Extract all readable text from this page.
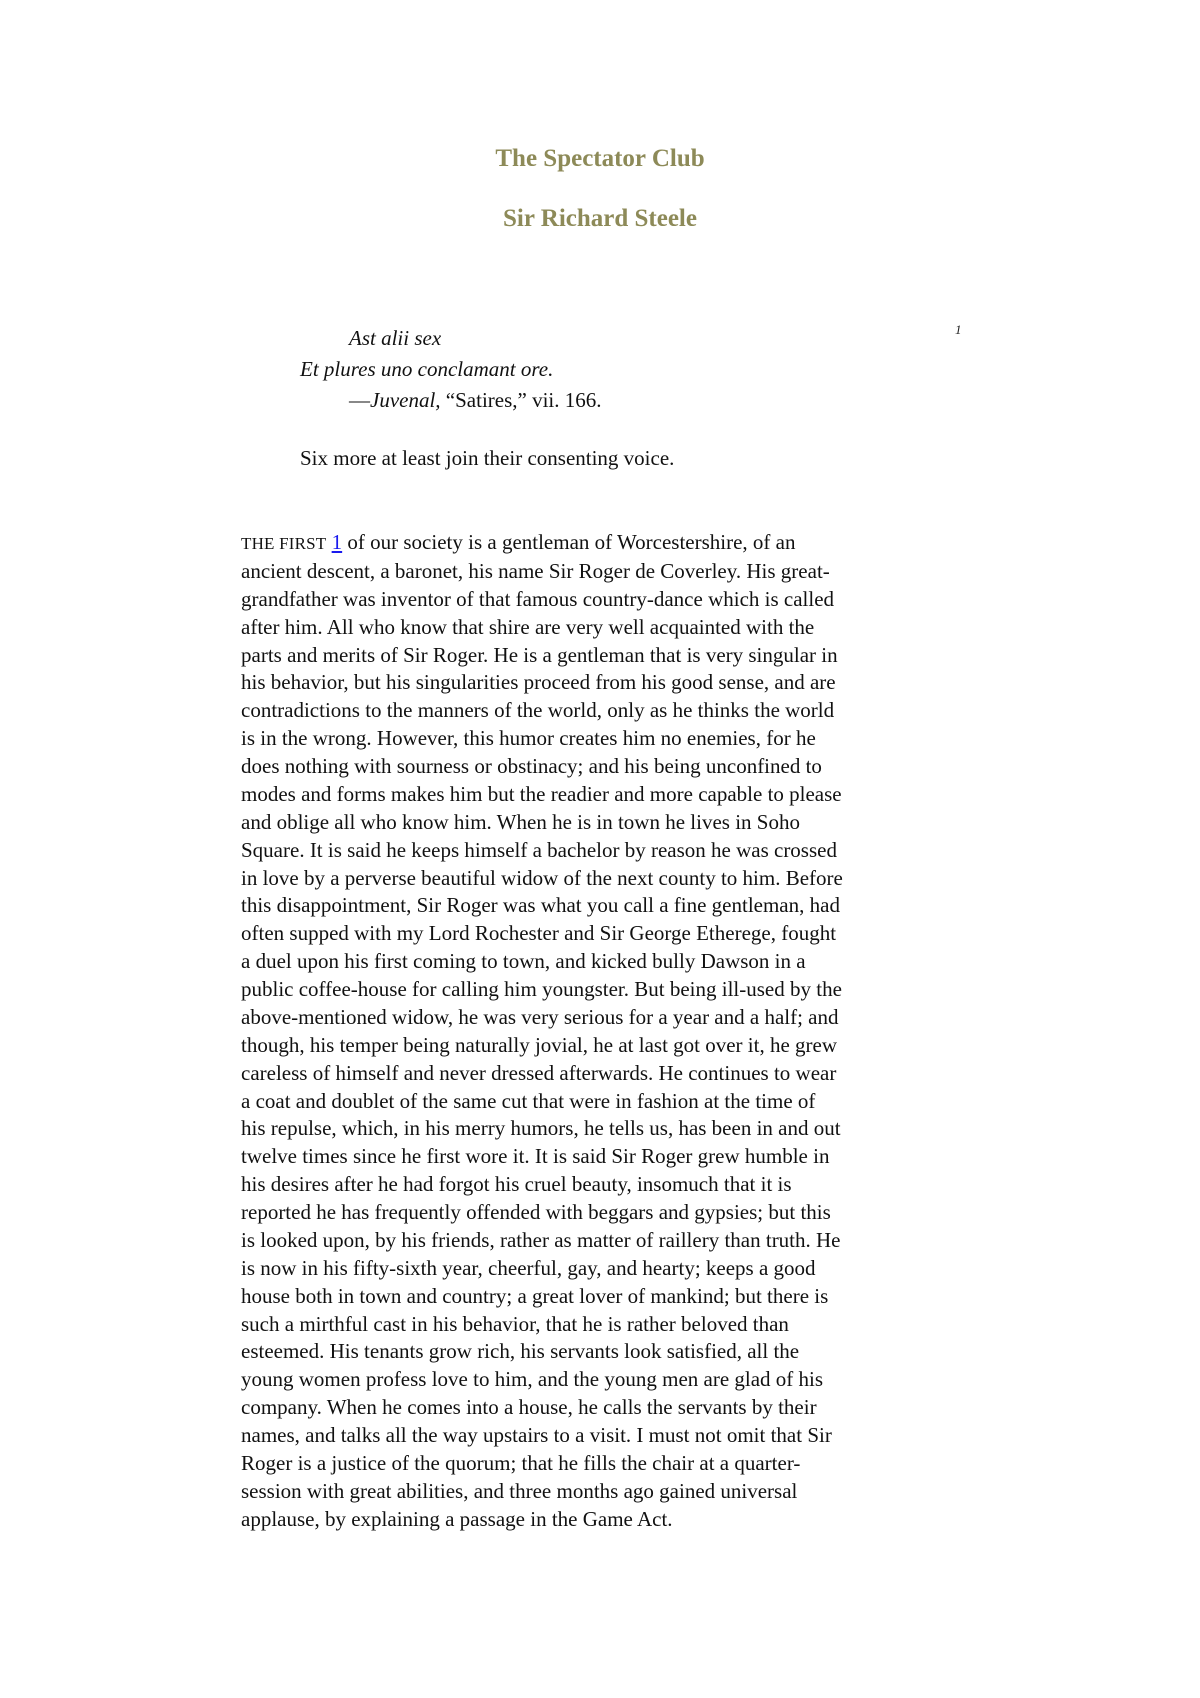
The Spectator Club
Sir Richard Steele
1
Ast alii sex
Et plures uno conclamant ore.
—Juvenal, “Satires,” vii. 166.

Six more at least join their consenting voice.

THE FIRST 1 of our society is a gentleman of Worcestershire, of an
ancient descent, a baronet, his name Sir Roger de Coverley. His great-
grandfather was inventor of that famous country-dance which is called
after him. All who know that shire are very well acquainted with the
parts and merits of Sir Roger. He is a gentleman that is very singular in
his behavior, but his singularities proceed from his good sense, and are
contradictions to the manners of the world, only as he thinks the world
is in the wrong. However, this humor creates him no enemies, for he
does nothing with sourness or obstinacy; and his being unconfined to
modes and forms makes him but the readier and more capable to please
and oblige all who know him. When he is in town he lives in Soho
Square. It is said he keeps himself a bachelor by reason he was crossed
in love by a perverse beautiful widow of the next county to him. Before
this disappointment, Sir Roger was what you call a fine gentleman, had
often supped with my Lord Rochester and Sir George Etherege, fought
a duel upon his first coming to town, and kicked bully Dawson in a
public coffee-house for calling him youngster. But being ill-used by the
above-mentioned widow, he was very serious for a year and a half; and
though, his temper being naturally jovial, he at last got over it, he grew
careless of himself and never dressed afterwards. He continues to wear
a coat and doublet of the same cut that were in fashion at the time of
his repulse, which, in his merry humors, he tells us, has been in and out
twelve times since he first wore it. It is said Sir Roger grew humble in
his desires after he had forgot his cruel beauty, insomuch that it is
reported he has frequently offended with beggars and gypsies; but this
is looked upon, by his friends, rather as matter of raillery than truth. He
is now in his fifty-sixth year, cheerful, gay, and hearty; keeps a good
house both in town and country; a great lover of mankind; but there is
such a mirthful cast in his behavior, that he is rather beloved than
esteemed. His tenants grow rich, his servants look satisfied, all the
young women profess love to him, and the young men are glad of his
company. When he comes into a house, he calls the servants by their
names, and talks all the way upstairs to a visit. I must not omit that Sir
Roger is a justice of the quorum; that he fills the chair at a quarter-
session with great abilities, and three months ago gained universal
applause, by explaining a passage in the Game Act.
